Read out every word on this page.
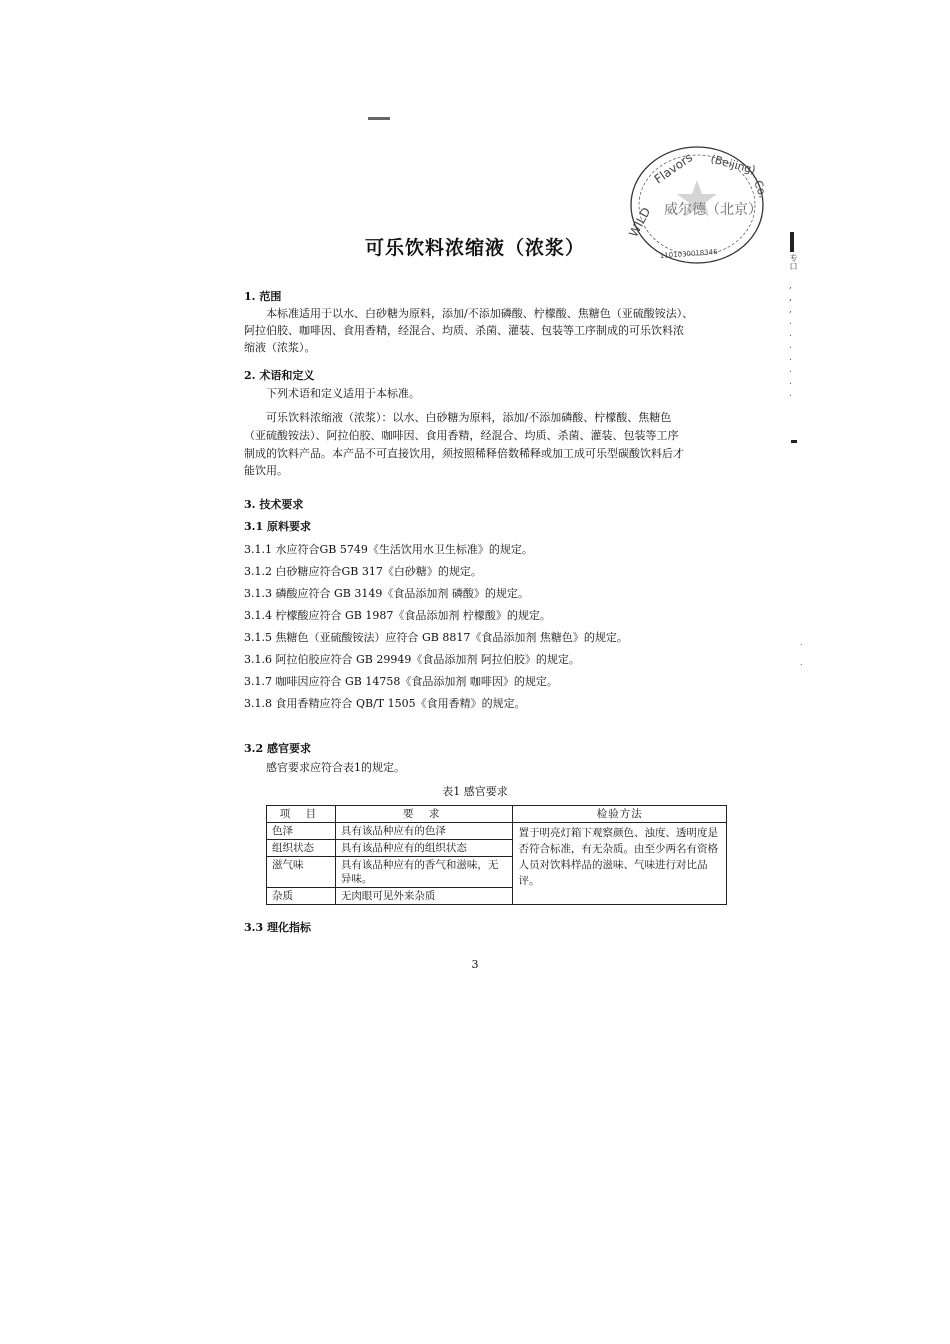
WILD
Flavors (Beijing)
Co.
威尔德（北京）
1101030018346
专口
,
,
,
.
.
.
.
.
.
.
.
.
可乐饮料浓缩液（浓浆）
1. 范围
本标准适用于以水、白砂糖为原料，添加/不添加磷酸、柠檬酸、焦糖色（亚硫酸铵法）、
阿拉伯胶、咖啡因、食用香精，经混合、均质、杀菌、灌装、包装等工序制成的可乐饮料浓
缩液（浓浆）。
2. 术语和定义
下列术语和定义适用于本标准。
可乐饮料浓缩液（浓浆）：以水、白砂糖为原料，添加/不添加磷酸、柠檬酸、焦糖色
（亚硫酸铵法）、阿拉伯胶、咖啡因、食用香精，经混合、均质、杀菌、灌装、包装等工序
制成的饮料产品。本产品不可直接饮用，须按照稀释倍数稀释或加工成可乐型碳酸饮料后才
能饮用。
3. 技术要求
3.1 原料要求
3.1.1 水应符合GB 5749《生活饮用水卫生标准》的规定。
3.1.2 白砂糖应符合GB 317《白砂糖》的规定。
3.1.3 磷酸应符合 GB 3149《食品添加剂 磷酸》的规定。
3.1.4 柠檬酸应符合 GB 1987《食品添加剂 柠檬酸》的规定。
3.1.5 焦糖色（亚硫酸铵法）应符合 GB 8817《食品添加剂 焦糖色》的规定。
3.1.6 阿拉伯胶应符合 GB 29949《食品添加剂 阿拉伯胶》的规定。
3.1.7 咖啡因应符合 GB 14758《食品添加剂 咖啡因》的规定。
3.1.8 食用香精应符合 QB/T 1505《食用香精》的规定。
3.2 感官要求
感官要求应符合表1的规定。
表1 感官要求
项 目	要 求	检验方法
色泽	具有该品种应有的色泽	置于明亮灯箱下观察颜色、浊度、透明度是否符合标准，有无杂质。由至少两名有资格人员对饮料样品的滋味、气味进行对比品评。
组织状态	具有该品种应有的组织状态	
滋气味	具有该品种应有的香气和滋味，无异味。	
杂质	无肉眼可见外来杂质	
3.3 理化指标
3
